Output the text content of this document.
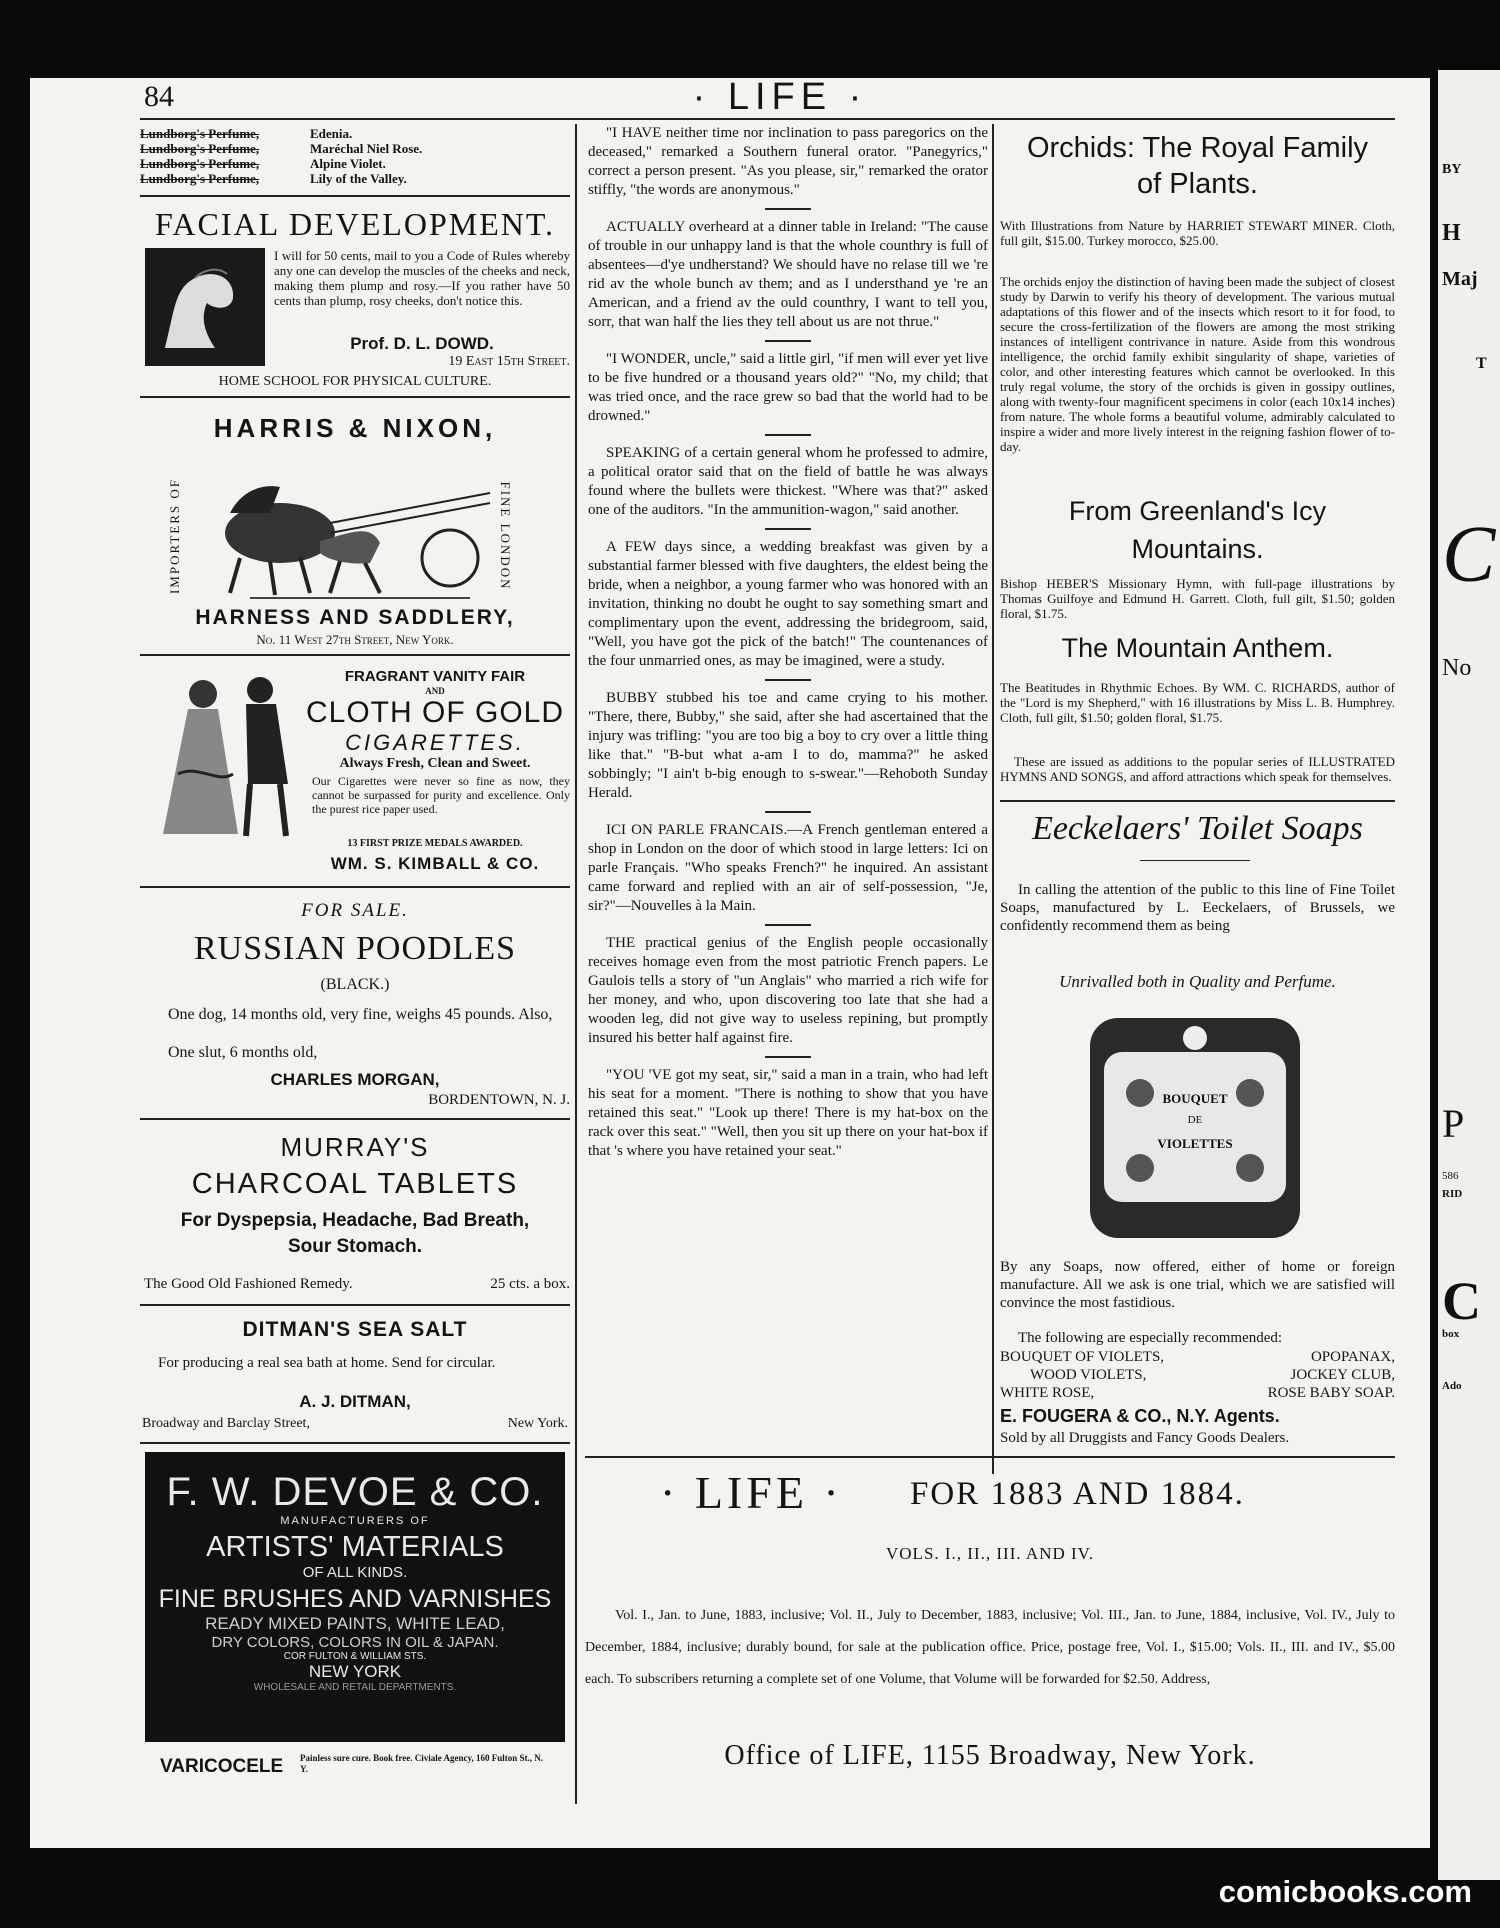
84	· LIFE ·
Lundborg's Perfume,	Edenia.
Lundborg's Perfume,	Maréchal Niel Rose.
Lundborg's Perfume,	Alpine Violet.
Lundborg's Perfume,	Lily of the Valley.
FACIAL DEVELOPMENT.
I will for 50 cents, mail to you a Code of Rules whereby any one can develop the muscles of the cheeks and neck, making them plump and rosy.—If you rather have 50 cents than plump, rosy cheeks, don't notice this.
Prof. D. L. DOWD.
19 East 15th Street.
HOME SCHOOL FOR PHYSICAL CULTURE.
HARRIS & NIXON,
IMPORTERS OF	FINE LONDON
HARNESS AND SADDLERY,
No. 11 West 27th Street, New York.
FRAGRANT VANITY FAIR
AND
CLOTH OF GOLD
CIGARETTES.
Always Fresh, Clean and Sweet.
Our Cigarettes were never so fine as now, they cannot be surpassed for purity and excellence. Only the purest rice paper used.
13 FIRST PRIZE MEDALS AWARDED.
WM. S. KIMBALL & CO.
FOR SALE.
RUSSIAN POODLES
(BLACK.)
One dog, 14 months old, very fine, weighs 45 pounds. Also,
One slut, 6 months old,
CHARLES MORGAN,
BORDENTOWN, N. J.
MURRAY'S
CHARCOAL TABLETS
For Dyspepsia, Headache, Bad Breath, Sour Stomach.
The Good Old Fashioned Remedy.	25 cts. a box.
DITMAN'S SEA SALT
For producing a real sea bath at home. Send for circular.
A. J. DITMAN,
Broadway and Barclay Street,	New York.
F. W. DEVOE & CO.
MANUFACTURERS OF
ARTISTS' MATERIALS
OF ALL KINDS.
FINE BRUSHES AND VARNISHES
READY MIXED PAINTS, WHITE LEAD,
DRY COLORS, COLORS IN OIL & JAPAN.
COR FULTON & WILLIAM STS.
NEW YORK
WHOLESALE AND RETAIL DEPARTMENTS.
VARICOCELE Painless sure cure. Book free. Civiale Agency, 160 Fulton St., N. Y.

"I HAVE neither time nor inclination to pass paregorics on the deceased," remarked a Southern funeral orator. "Panegyrics," correct a person present. "As you please, sir," remarked the orator stiffly, "the words are anonymous."

ACTUALLY overheard at a dinner table in Ireland: "The cause of trouble in our unhappy land is that the whole counthry is full of absentees—d'ye undherstand? We should have no relase till we 're rid av the whole bunch av them; and as I understhand ye 're an American, and a friend av the ould counthry, I want to tell you, sorr, that wan half the lies they tell about us are not thrue."

"I WONDER, uncle," said a little girl, "if men will ever yet live to be five hundred or a thousand years old?" "No, my child; that was tried once, and the race grew so bad that the world had to be drowned."

SPEAKING of a certain general whom he professed to admire, a political orator said that on the field of battle he was always found where the bullets were thickest. "Where was that?" asked one of the auditors. "In the ammunition-wagon," said another.

A FEW days since, a wedding breakfast was given by a substantial farmer blessed with five daughters, the eldest being the bride, when a neighbor, a young farmer who was honored with an invitation, thinking no doubt he ought to say something smart and complimentary upon the event, addressing the bridegroom, said, "Well, you have got the pick of the batch!" The countenances of the four unmarried ones, as may be imagined, were a study.

BUBBY stubbed his toe and came crying to his mother. "There, there, Bubby," she said, after she had ascertained that the injury was trifling: "you are too big a boy to cry over a little thing like that." "B-but what a-am I to do, mamma?" he asked sobbingly; "I ain't b-big enough to s-swear."—Rehoboth Sunday Herald.

ICI ON PARLE FRANCAIS.—A French gentleman entered a shop in London on the door of which stood in large letters: Ici on parle Français. "Who speaks French?" he inquired. An assistant came forward and replied with an air of self-possession, "Je, sir?"—Nouvelles à la Main.

THE practical genius of the English people occasionally receives homage even from the most patriotic French papers. Le Gaulois tells a story of "un Anglais" who married a rich wife for her money, and who, upon discovering too late that she had a wooden leg, did not give way to useless repining, but promptly insured his better half against fire.

"YOU 'VE got my seat, sir," said a man in a train, who had left his seat for a moment. "There is nothing to show that you have retained this seat." "Look up there! There is my hat-box on the rack over this seat." "Well, then you sit up there on your hat-box if that 's where you have retained your seat."

Orchids: The Royal Family of Plants.
With Illustrations from Nature by HARRIET STEWART MINER. Cloth, full gilt, $15.00. Turkey morocco, $25.00.
The orchids enjoy the distinction of having been made the subject of closest study by Darwin to verify his theory of development. The various mutual adaptations of this flower and of the insects which resort to it for food, to secure the cross-fertilization of the flowers are among the most striking instances of intelligent contrivance in nature. Aside from this wondrous intelligence, the orchid family exhibit singularity of shape, varieties of color, and other interesting features which cannot be overlooked. In this truly regal volume, the story of the orchids is given in gossipy outlines, along with twenty-four magnificent specimens in color (each 10x14 inches) from nature. The whole forms a beautiful volume, admirably calculated to inspire a wider and more lively interest in the reigning fashion flower of to-day.
From Greenland's Icy Mountains.
Bishop HEBER'S Missionary Hymn, with full-page illustrations by Thomas Guilfoye and Edmund H. Garrett. Cloth, full gilt, $1.50; golden floral, $1.75.
The Mountain Anthem.
The Beatitudes in Rhythmic Echoes. By WM. C. RICHARDS, author of the "Lord is my Shepherd," with 16 illustrations by Miss L. B. Humphrey. Cloth, full gilt, $1.50; golden floral, $1.75.
These are issued as additions to the popular series of ILLUSTRATED HYMNS AND SONGS, and afford attractions which speak for themselves.
Eeckelaers' Toilet Soaps
In calling the attention of the public to this line of Fine Toilet Soaps, manufactured by L. Eeckelaers, of Brussels, we confidently recommend them as being
Unrivalled both in Quality and Perfume.
BOUQUET
DE
VIOLETTES
By any Soaps, now offered, either of home or foreign manufacture. All we ask is one trial, which we are satisfied will convince the most fastidious.
The following are especially recommended:
BOUQUET OF VIOLETS,	OPOPANAX,
WOOD VIOLETS,	JOCKEY CLUB,
WHITE ROSE,	ROSE BABY SOAP.
E. FOUGERA & CO., N.Y. Agents.
Sold by all Druggists and Fancy Goods Dealers.
· LIFE · FOR 1883 AND 1884.
VOLS. I., II., III. AND IV.
Vol. I., Jan. to June, 1883, inclusive; Vol. II., July to December, 1883, inclusive; Vol. III., Jan. to June, 1884, inclusive, Vol. IV., July to December, 1884, inclusive; durably bound, for sale at the publication office. Price, postage free, Vol. I., $15.00; Vols. II., III. and IV., $5.00 each. To subscribers returning a complete set of one Volume, that Volume will be forwarded for $2.50. Address,
Office of LIFE, 1155 Broadway, New York.
BY
H
Maj
T
C
No
P
586
RID
C
box
Ado
comicbooks.com
